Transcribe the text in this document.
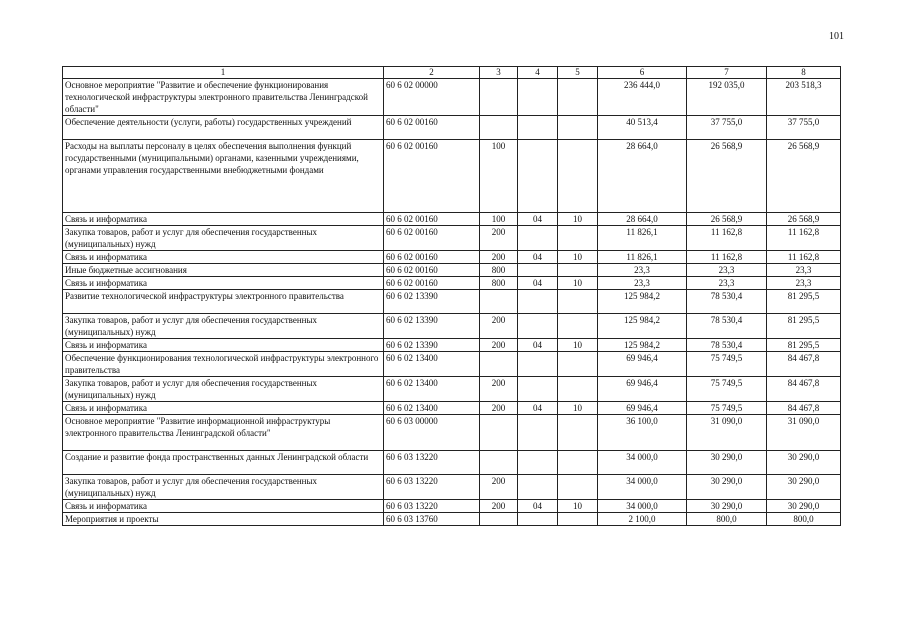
101
1	2	3	4	5	6	7	8
Основное мероприятие "Развитие и обеспечение функционирования технологической инфраструктуры электронного правительства Ленинградской области"	60 6 02 00000				236 444,0	192 035,0	203 518,3
Обеспечение деятельности (услуги, работы) государственных учреждений	60 6 02 00160				40 513,4	37 755,0	37 755,0
Расходы на выплаты персоналу в целях обеспечения выполнения функций государственными (муниципальными) органами, казенными учреждениями, органами управления государственными внебюджетными фондами	60 6 02 00160	100			28 664,0	26 568,9	26 568,9
Связь и информатика	60 6 02 00160	100	04	10	28 664,0	26 568,9	26 568,9
Закупка товаров, работ и услуг для обеспечения государственных (муниципальных) нужд	60 6 02 00160	200			11 826,1	11 162,8	11 162,8
Связь и информатика	60 6 02 00160	200	04	10	11 826,1	11 162,8	11 162,8
Иные бюджетные ассигнования	60 6 02 00160	800			23,3	23,3	23,3
Связь и информатика	60 6 02 00160	800	04	10	23,3	23,3	23,3
Развитие технологической инфраструктуры электронного правительства	60 6 02 13390				125 984,2	78 530,4	81 295,5
Закупка товаров, работ и услуг для обеспечения государственных (муниципальных) нужд	60 6 02 13390	200			125 984,2	78 530,4	81 295,5
Связь и информатика	60 6 02 13390	200	04	10	125 984,2	78 530,4	81 295,5
Обеспечение функционирования технологической инфраструктуры электронного правительства	60 6 02 13400				69 946,4	75 749,5	84 467,8
Закупка товаров, работ и услуг для обеспечения государственных (муниципальных) нужд	60 6 02 13400	200			69 946,4	75 749,5	84 467,8
Связь и информатика	60 6 02 13400	200	04	10	69 946,4	75 749,5	84 467,8
Основное мероприятие "Развитие информационной инфраструктуры электронного правительства Ленинградской области"	60 6 03 00000				36 100,0	31 090,0	31 090,0
Создание и развитие фонда пространственных данных Ленинградской области	60 6 03 13220				34 000,0	30 290,0	30 290,0
Закупка товаров, работ и услуг для обеспечения государственных (муниципальных) нужд	60 6 03 13220	200			34 000,0	30 290,0	30 290,0
Связь и информатика	60 6 03 13220	200	04	10	34 000,0	30 290,0	30 290,0
Мероприятия и проекты	60 6 03 13760				2 100,0	800,0	800,0
